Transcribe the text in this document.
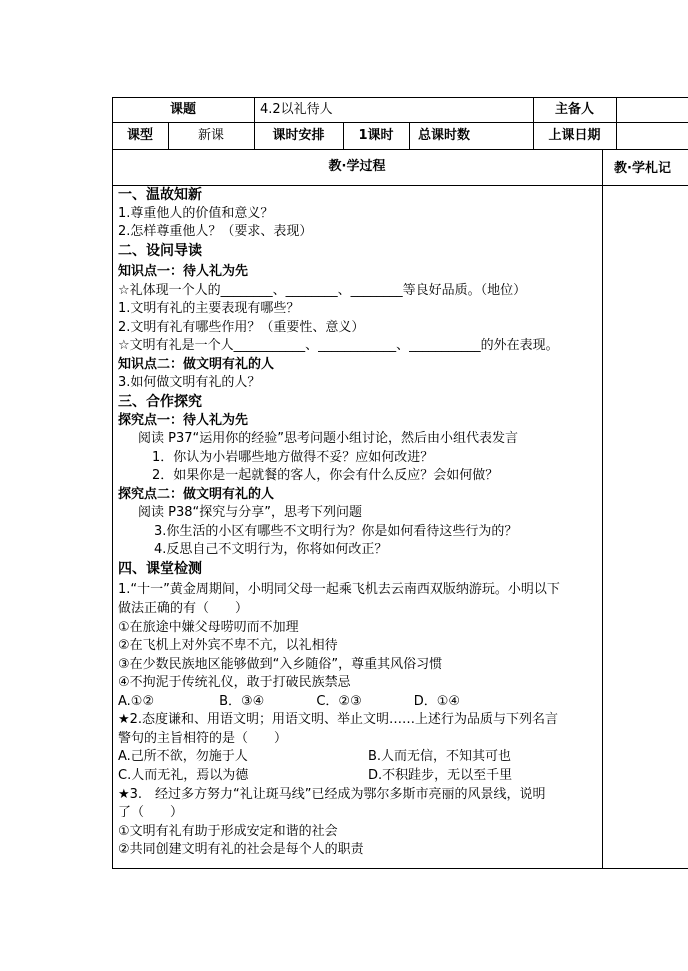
课题	4.2以礼待人	主备人
课型	新课	课时安排	1课时	总课时数	上课日期
教·学过程	教·学札记
一、温故知新
1.尊重他人的价值和意义？
2.怎样尊重他人？（要求、表现）
二、设问导读
知识点一：待人礼为先
☆礼体现一个人的________、________、________等良好品质。（地位）
1.文明有礼的主要表现有哪些？
2.文明有礼有哪些作用？（重要性、意义）
☆文明有礼是一个人___________、____________、___________的外在表现。
知识点二：做文明有礼的人
3.如何做文明有礼的人？
三、合作探究
探究点一：待人礼为先
阅读 P37“运用你的经验”思考问题小组讨论，然后由小组代表发言
1．你认为小岩哪些地方做得不妥？应如何改进？
2．如果你是一起就餐的客人，你会有什么反应？会如何做？
探究点二：做文明有礼的人
阅读 P38“探究与分享”，思考下列问题
3.你生活的小区有哪些不文明行为？你是如何看待这些行为的？
4.反思自己不文明行为，你将如何改正？
四、课堂检测
1.“十一”黄金周期间，小明同父母一起乘飞机去云南西双版纳游玩。小明以下
做法正确的有（　　）
①在旅途中嫌父母唠叨而不加理
②在飞机上对外宾不卑不亢，以礼相待
③在少数民族地区能够做到“入乡随俗”，尊重其风俗习惯
④不拘泥于传统礼仪，敢于打破民族禁忌
A.①②　　　　　B．③④　　　　C．②③　　　　D．①④
★2.态度谦和、用语文明；用语文明、举止文明……上述行为品质与下列名言
警句的主旨相符的是（　　）
A.己所不欲，勿施于人	B.人而无信，不知其可也
C.人而无礼，焉以为德	D.不积跬步，无以至千里
★3.　经过多方努力“礼让斑马线”已经成为鄂尔多斯市亮丽的风景线，说明
了（　　）
①文明有礼有助于形成安定和谐的社会
②共同创建文明有礼的社会是每个人的职责
